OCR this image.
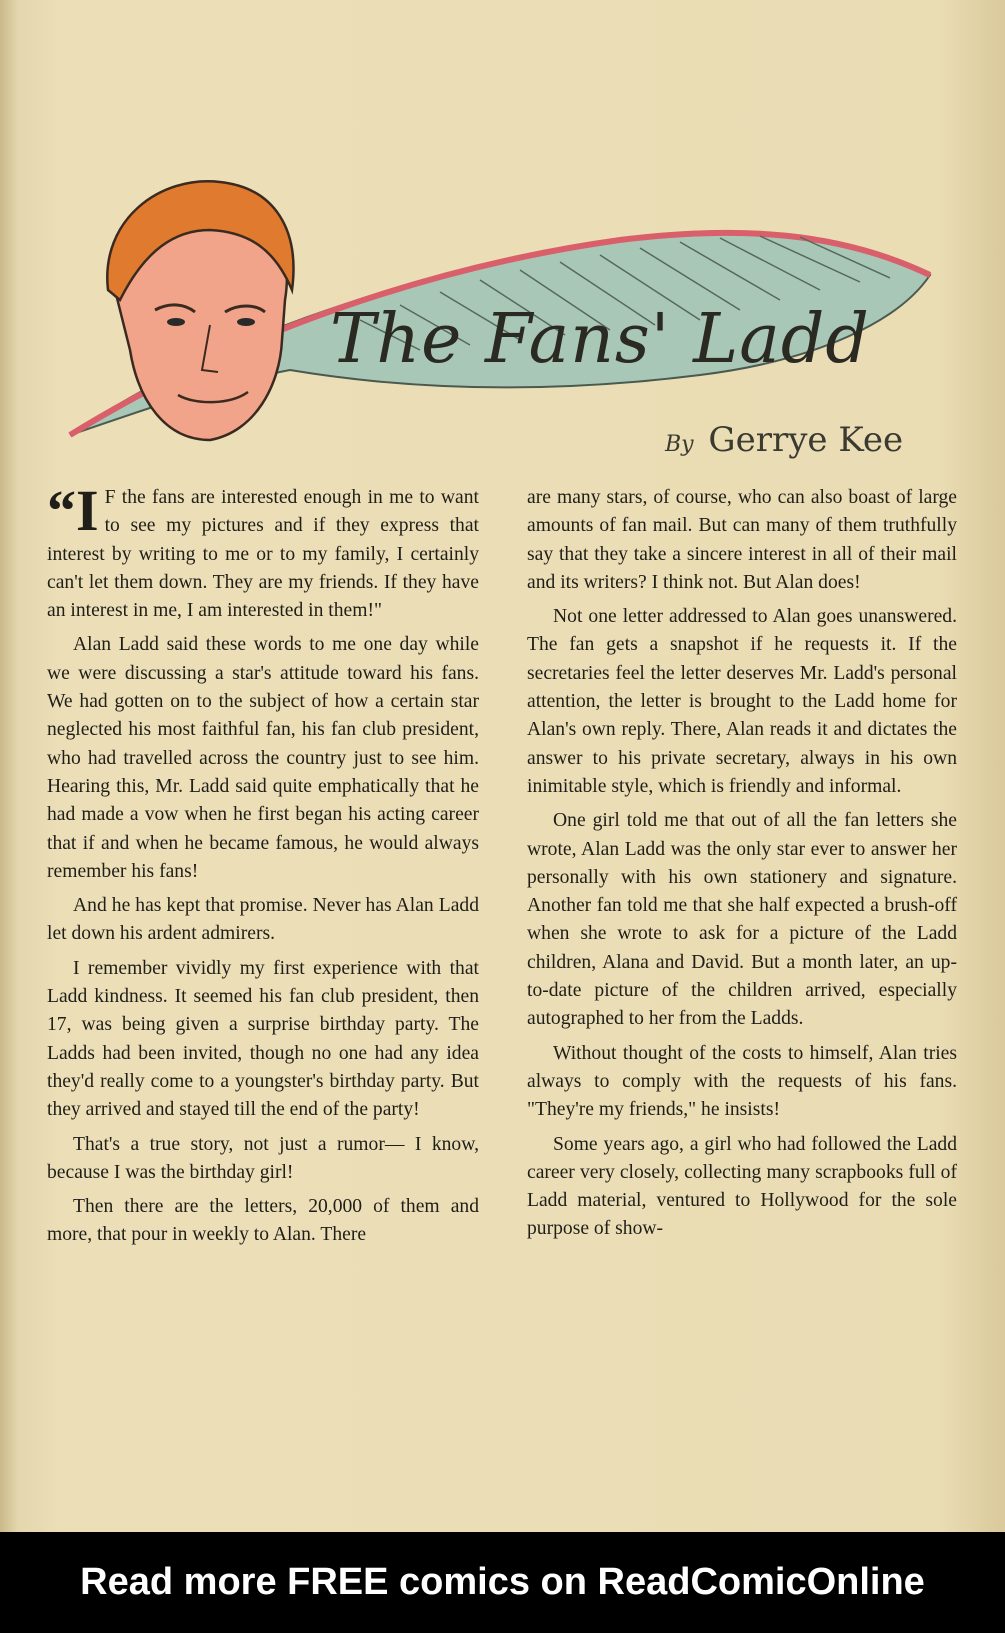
The Fans' Ladd
By Gerrye Kee

“I F the fans are interested enough in me to want to see my pictures and if they express that interest by writing to me or to my family, I certainly can't let them down. They are my friends. If they have an interest in me, I am interested in them!"

Alan Ladd said these words to me one day while we were discussing a star's attitude toward his fans. We had gotten on to the subject of how a certain star neglected his most faithful fan, his fan club president, who had travelled across the country just to see him. Hearing this, Mr. Ladd said quite emphatically that he had made a vow when he first began his acting career that if and when he became famous, he would always remember his fans!

And he has kept that promise. Never has Alan Ladd let down his ardent admirers.

I remember vividly my first experience with that Ladd kindness. It seemed his fan club president, then 17, was being given a surprise birthday party. The Ladds had been invited, though no one had any idea they'd really come to a youngster's birthday party. But they arrived and stayed till the end of the party!

That's a true story, not just a rumor— I know, because I was the birthday girl!

Then there are the letters, 20,000 of them and more, that pour in weekly to Alan. There

are many stars, of course, who can also boast of large amounts of fan mail. But can many of them truthfully say that they take a sincere interest in all of their mail and its writers? I think not. But Alan does!

Not one letter addressed to Alan goes unanswered. The fan gets a snapshot if he requests it. If the secretaries feel the letter deserves Mr. Ladd's personal attention, the letter is brought to the Ladd home for Alan's own reply. There, Alan reads it and dictates the answer to his private secretary, always in his own inimitable style, which is friendly and informal.

One girl told me that out of all the fan letters she wrote, Alan Ladd was the only star ever to answer her personally with his own stationery and signature. Another fan told me that she half expected a brush-off when she wrote to ask for a picture of the Ladd children, Alana and David. But a month later, an up-to-date picture of the children arrived, especially autographed to her from the Ladds.

Without thought of the costs to himself, Alan tries always to comply with the requests of his fans. "They're my friends," he insists!

Some years ago, a girl who had followed the Ladd career very closely, collecting many scrapbooks full of Ladd material, ventured to Hollywood for the sole purpose of show-

Read more FREE comics on ReadComicOnline
